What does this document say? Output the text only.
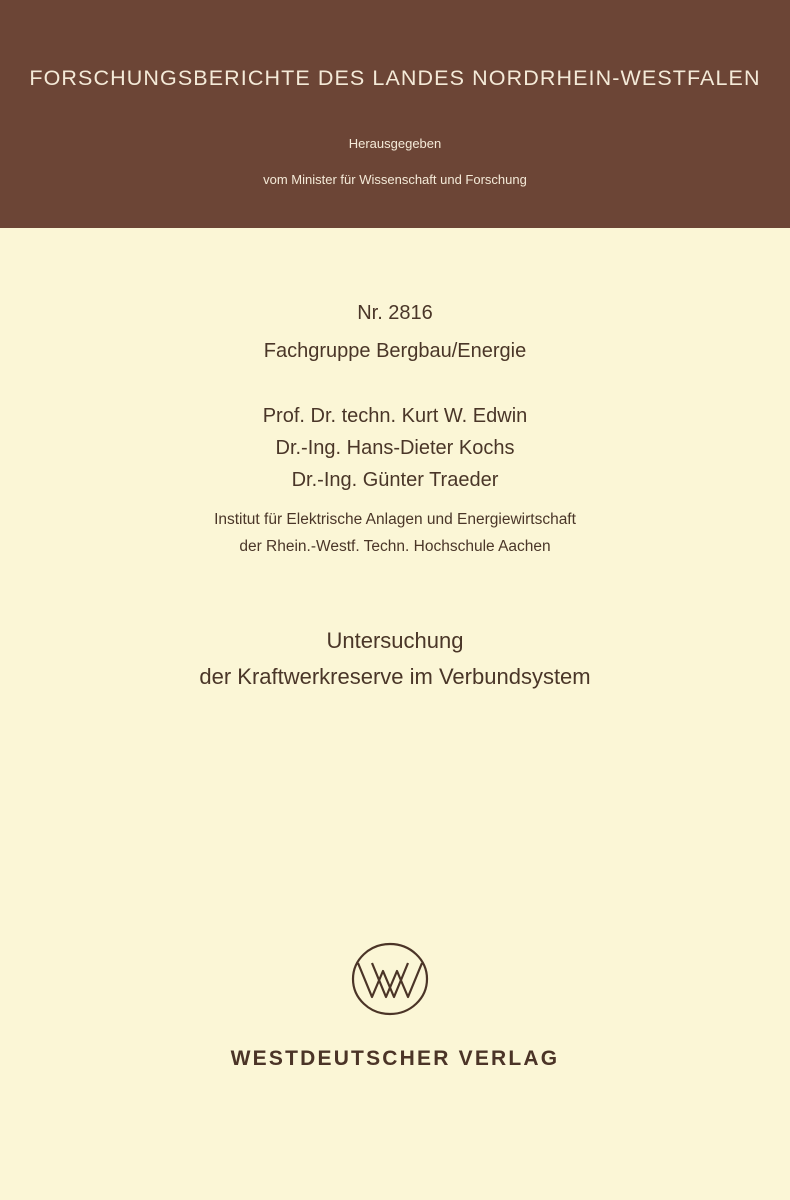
FORSCHUNGSBERICHTE DES LANDES NORDRHEIN-WESTFALEN
Herausgegeben
vom Minister für Wissenschaft und Forschung
Nr. 2816
Fachgruppe Bergbau/Energie
Prof. Dr. techn. Kurt W. Edwin
Dr.-Ing. Hans-Dieter Kochs
Dr.-Ing. Günter Traeder
Institut für Elektrische Anlagen und Energiewirtschaft
der Rhein.-Westf. Techn. Hochschule Aachen
Untersuchung
der Kraftwerkreserve im Verbundsystem
WESTDEUTSCHER VERLAG
